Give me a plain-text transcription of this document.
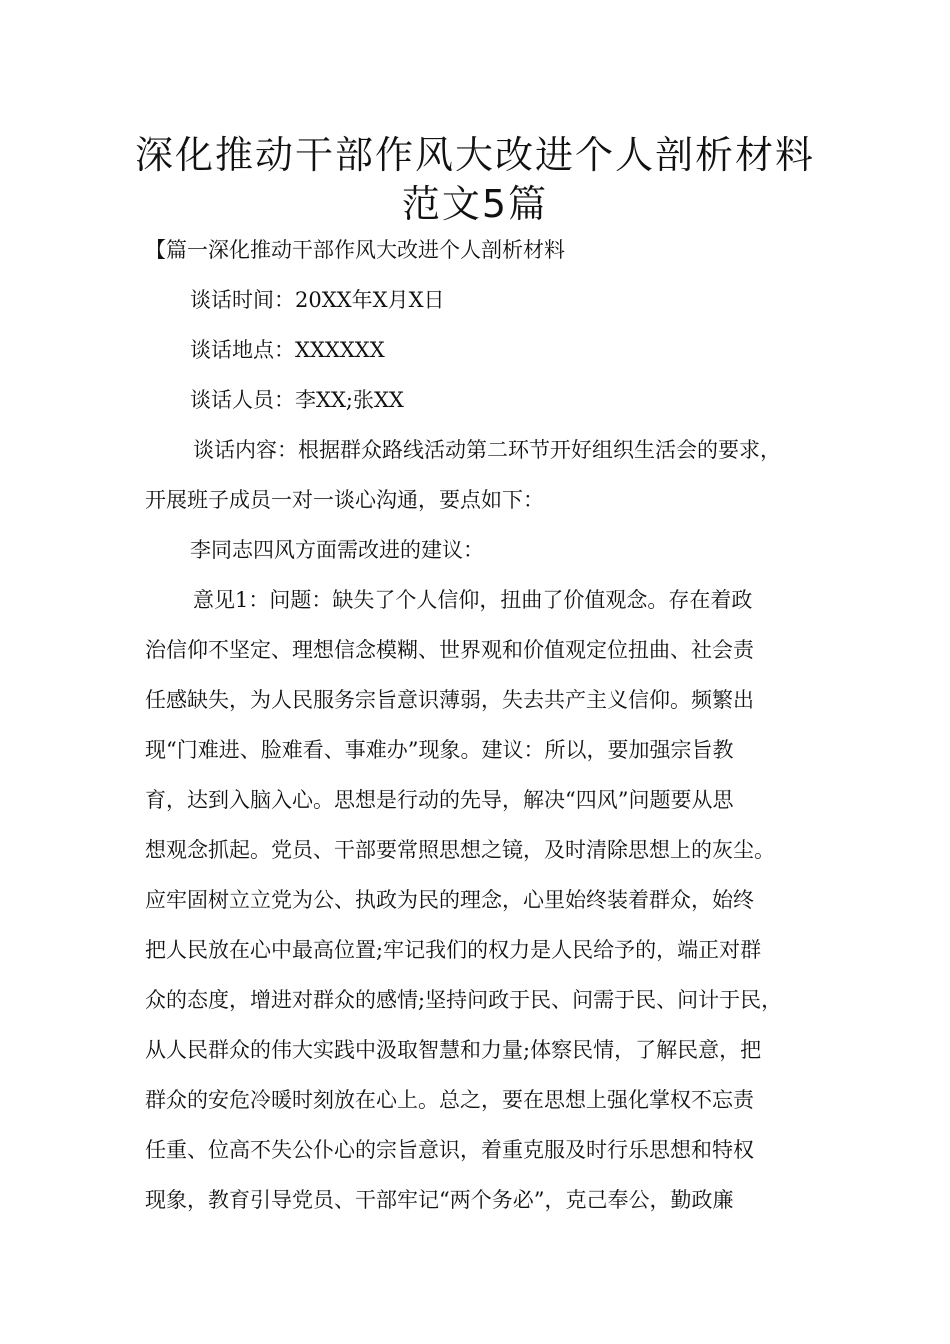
深化推动干部作风大改进个人剖析材料
范文5篇
【篇一深化推动干部作风大改进个人剖析材料
谈话时间：20XX年X月X日
谈话地点：XXXXXX
谈话人员：李XX;张XX
谈话内容：根据群众路线活动第二环节开好组织生活会的要求，
开展班子成员一对一谈心沟通，要点如下：
李同志四风方面需改进的建议：
意见1：问题：缺失了个人信仰，扭曲了价值观念。存在着政
治信仰不坚定、理想信念模糊、世界观和价值观定位扭曲、社会责
任感缺失，为人民服务宗旨意识薄弱，失去共产主义信仰。频繁出
现“门难进、脸难看、事难办”现象。建议：所以，要加强宗旨教
育，达到入脑入心。思想是行动的先导，解决“四风”问题要从思
想观念抓起。党员、干部要常照思想之镜，及时清除思想上的灰尘。
应牢固树立立党为公、执政为民的理念，心里始终装着群众，始终
把人民放在心中最高位置;牢记我们的权力是人民给予的，端正对群
众的态度，增进对群众的感情;坚持问政于民、问需于民、问计于民，
从人民群众的伟大实践中汲取智慧和力量;体察民情，了解民意，把
群众的安危冷暖时刻放在心上。总之，要在思想上强化掌权不忘责
任重、位高不失公仆心的宗旨意识，着重克服及时行乐思想和特权
现象，教育引导党员、干部牢记“两个务必”，克己奉公，勤政廉
